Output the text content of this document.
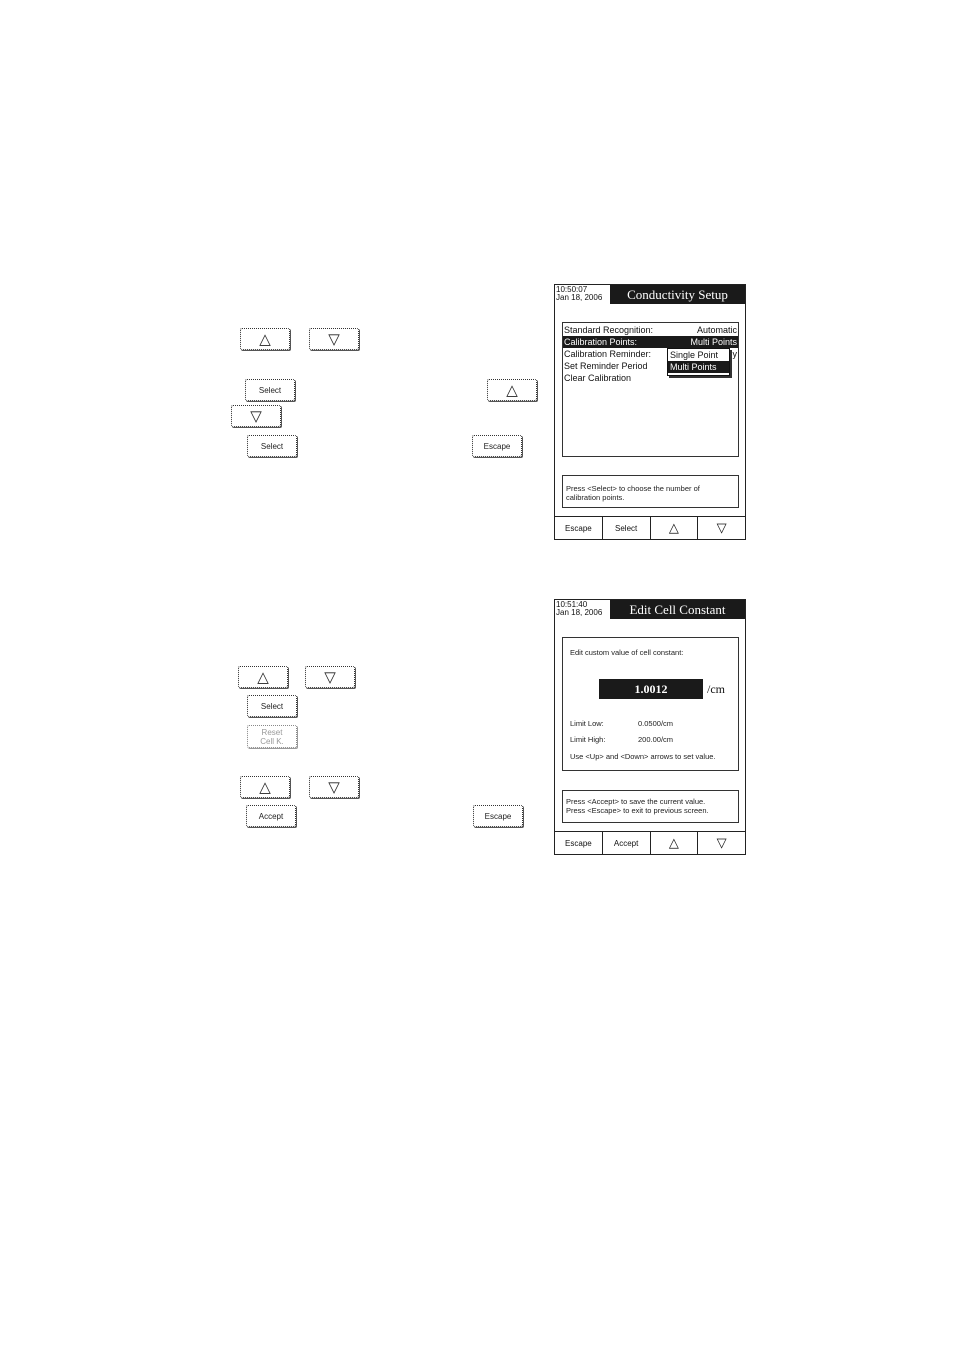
△	▽
Select	△
▽
Select	Escape
10:50:07
Jan 18, 2006	Conductivity Setup
Standard Recognition:	Automatic
Calibration Points:	Multi Points
Calibration Reminder:	y
Set Reminder Period
Clear Calibration
Single Point
Multi Points
Press <Select> to choose the number of calibration points.
Escape	Select	△	▽
△	▽
Select
Reset
Cell K.
△	▽
Accept	Escape
10:51:40
Jan 18, 2006	Edit Cell Constant
Edit custom value of cell constant:
1.0012	/cm
Limit Low:	0.0500/cm
Limit High:	200.00/cm
Use <Up> and <Down> arrows to set value.
Press <Accept> to save the current value.
Press <Escape> to exit to previous screen.
Escape	Accept	△	▽
